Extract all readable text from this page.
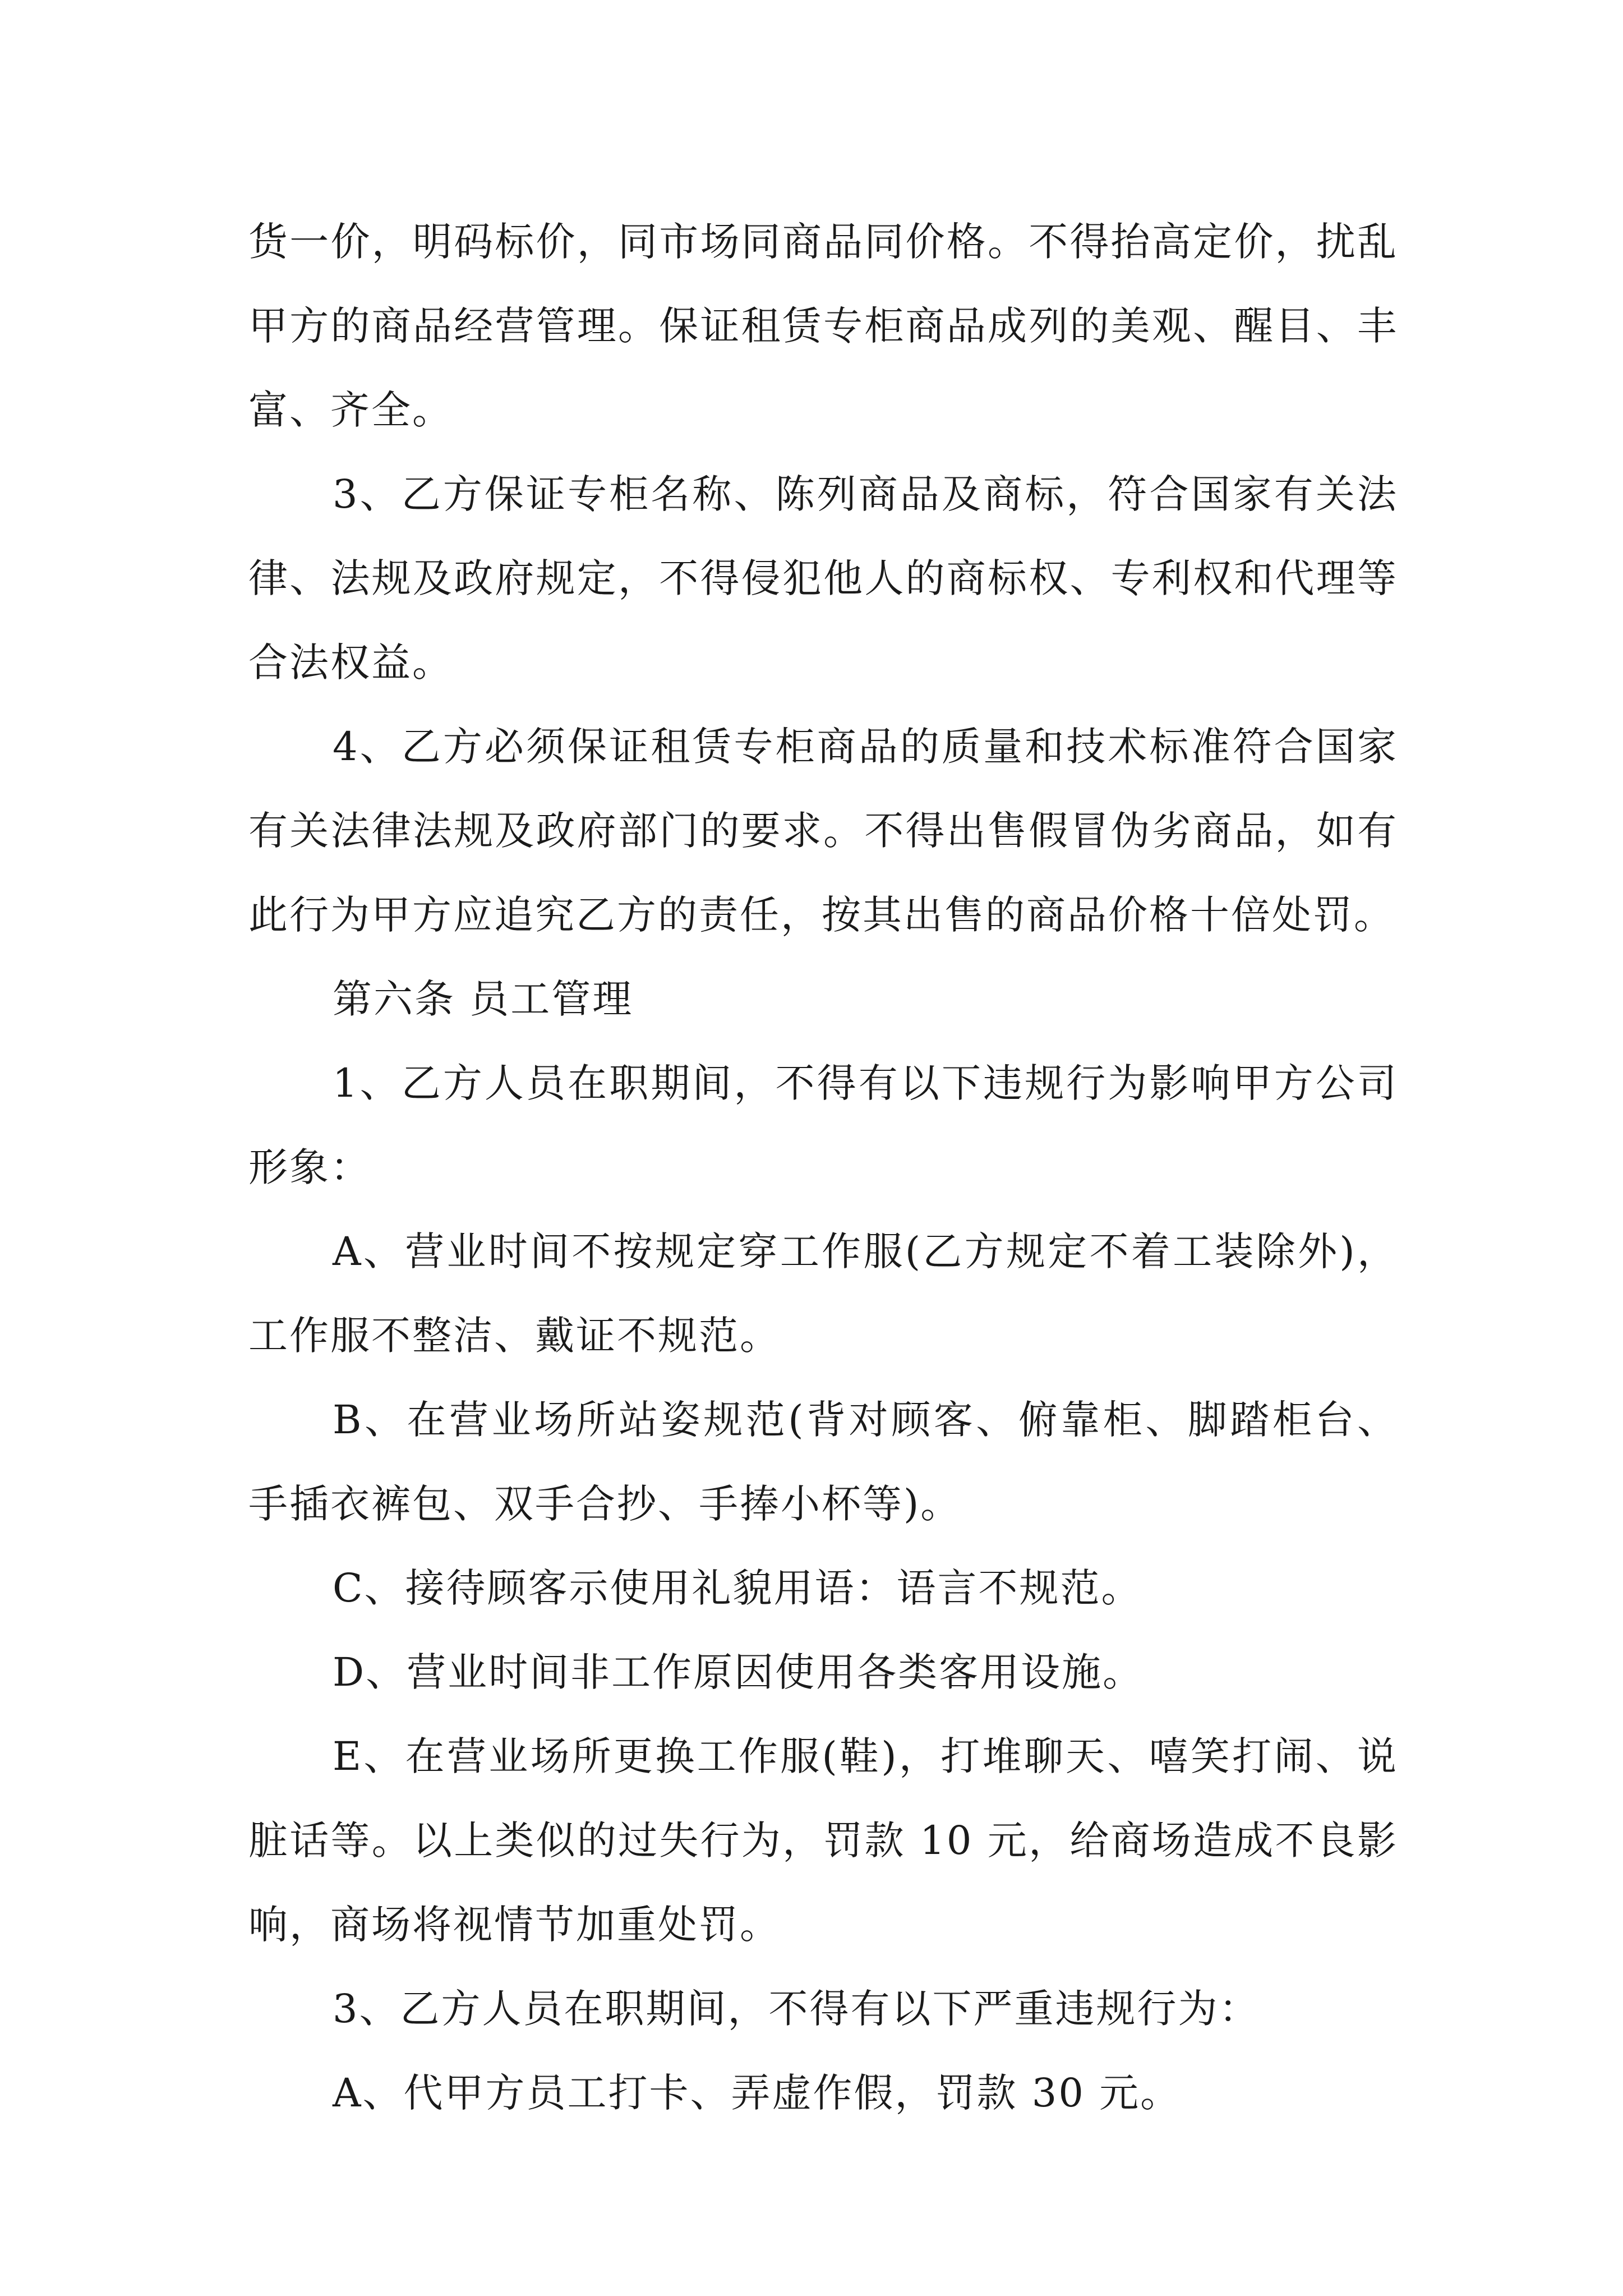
货一价，明码标价，同市场同商品同价格。不得抬高定价，扰乱甲方的商品经营管理。保证租赁专柜商品成列的美观、醒目、丰富、齐全。

3、乙方保证专柜名称、陈列商品及商标，符合国家有关法律、法规及政府规定，不得侵犯他人的商标权、专利权和代理等合法权益。

4、乙方必须保证租赁专柜商品的质量和技术标准符合国家有关法律法规及政府部门的要求。不得出售假冒伪劣商品，如有此行为甲方应追究乙方的责任，按其出售的商品价格十倍处罚。

第六条 员工管理

1、乙方人员在职期间，不得有以下违规行为影响甲方公司形象：

A、营业时间不按规定穿工作服(乙方规定不着工装除外)，工作服不整洁、戴证不规范。

B、在营业场所站姿规范(背对顾客、俯靠柜、脚踏柜台、手插衣裤包、双手合抄、手捧小杯等)。

C、接待顾客示使用礼貌用语：语言不规范。

D、营业时间非工作原因使用各类客用设施。

E、在营业场所更换工作服(鞋)，打堆聊天、嘻笑打闹、说脏话等。以上类似的过失行为，罚款 10 元，给商场造成不良影响，商场将视情节加重处罚。

3、乙方人员在职期间，不得有以下严重违规行为：

A、代甲方员工打卡、弄虚作假，罚款 30 元。
